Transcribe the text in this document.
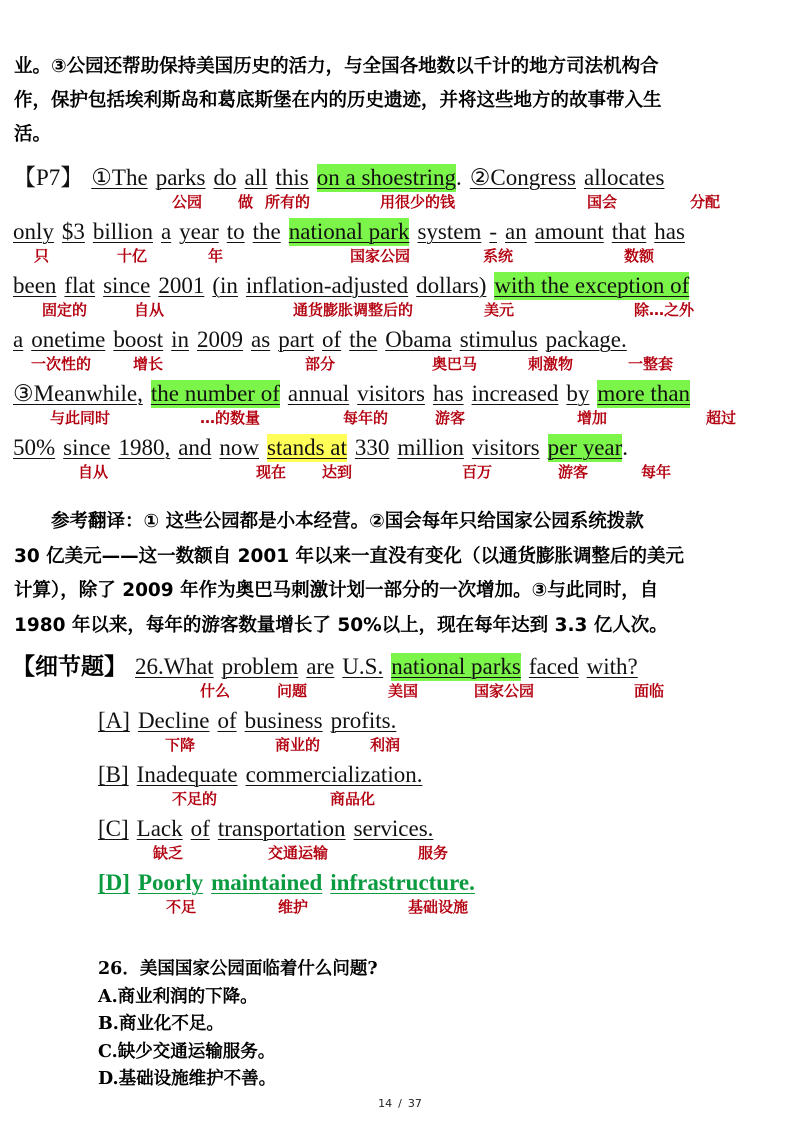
业。③公园还帮助保持美国历史的活力，与全国各地数以千计的地方司法机构合
作，保护包括埃利斯岛和葛底斯堡在内的历史遗迹，并将这些地方的故事带入生
活。
【P7】 ①The parks do all this on a shoestring. ②Congress allocates
公园 做 所有的	用很少的钱	国会	分配
only $3 billion a year to the national park system - an amount that has
只	十亿	年	国家公园	系统	数额
been flat since 2001 (in inflation-adjusted dollars) with the exception of
固定的	自从	通货膨胀调整后的	美元	除…之外
a onetime boost in 2009 as part of the Obama stimulus package.
一次性的	增长	部分	奥巴马	刺激物	一整套
③Meanwhile, the number of annual visitors has increased by more than
与此同时	…的数量	每年的	游客	增加	超过
50% since 1980, and now stands at 330 million visitors per year.
自从	现在 达到	百万	游客	每年

　　参考翻译：① 这些公园都是小本经营。②国会每年只给国家公园系统拨款

30 亿美元——这一数额自 2001 年以来一直没有变化（以通货膨胀调整后的美元

计算），除了 2009 年作为奥巴马刺激计划一部分的一次增加。③与此同时，自

1980 年以来，每年的游客数量增长了 50%以上，现在每年达到 3.3 亿人次。

【细节题】 26.What problem are U.S. national parks faced with?
什么	问题	美国	国家公园	面临
[A] Decline of business profits.
下降	商业的	利润
[B] Inadequate commercialization.
不足的	商品化
[C] Lack of transportation services.
缺乏	交通运输	服务
[D] Poorly maintained infrastructure.
不足	维护	基础设施

26．美国国家公园面临着什么问题?

A.商业利润的下降。

B.商业化不足。

C.缺少交通运输服务。

D.基础设施维护不善。

14 / 37
